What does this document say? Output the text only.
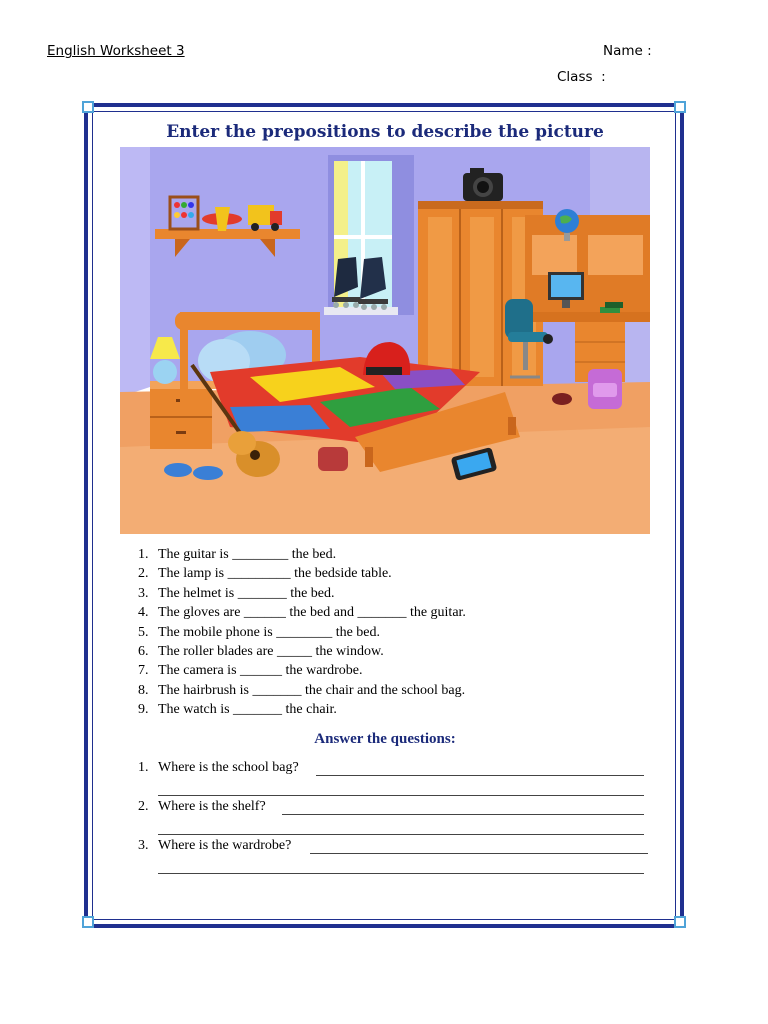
English Worksheet 3	Name :
Class  :
Enter the prepositions to describe the picture
1. The guitar is ________ the bed.
2. The lamp is _________ the bedside table.
3. The helmet is _______ the bed.
4. The gloves are ______ the bed and _______ the guitar.
5. The mobile phone is ________ the bed.
6. The roller blades are _____ the window.
7. The camera is ______ the wardrobe.
8. The hairbrush is _______ the chair and the school bag.
9. The watch is _______ the chair.
Answer the questions:
1. Where is the school bag?
2. Where is the shelf?
3. Where is the wardrobe?
